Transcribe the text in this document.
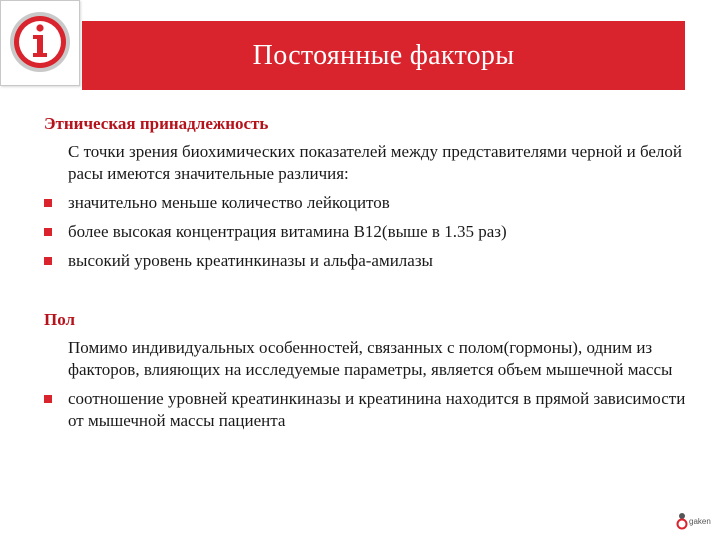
Постоянные факторы

Этническая принадлежность

С точки зрения биохимических показателей между представителями черной и белой расы имеются значительные различия:

значительно меньше количество лейкоцитов
более высокая концентрация витамина В12(выше в 1.35 раз)
высокий уровень креатинкиназы и альфа-амилазы

Пол

Помимо индивидуальных особенностей, связанных с полом(гормоны), одним из факторов, влияющих на исследуемые параметры, является объем мышечной массы

соотношение уровней креатинкиназы и креатинина находится в прямой зависимости от мышечной массы пациента
gaken
